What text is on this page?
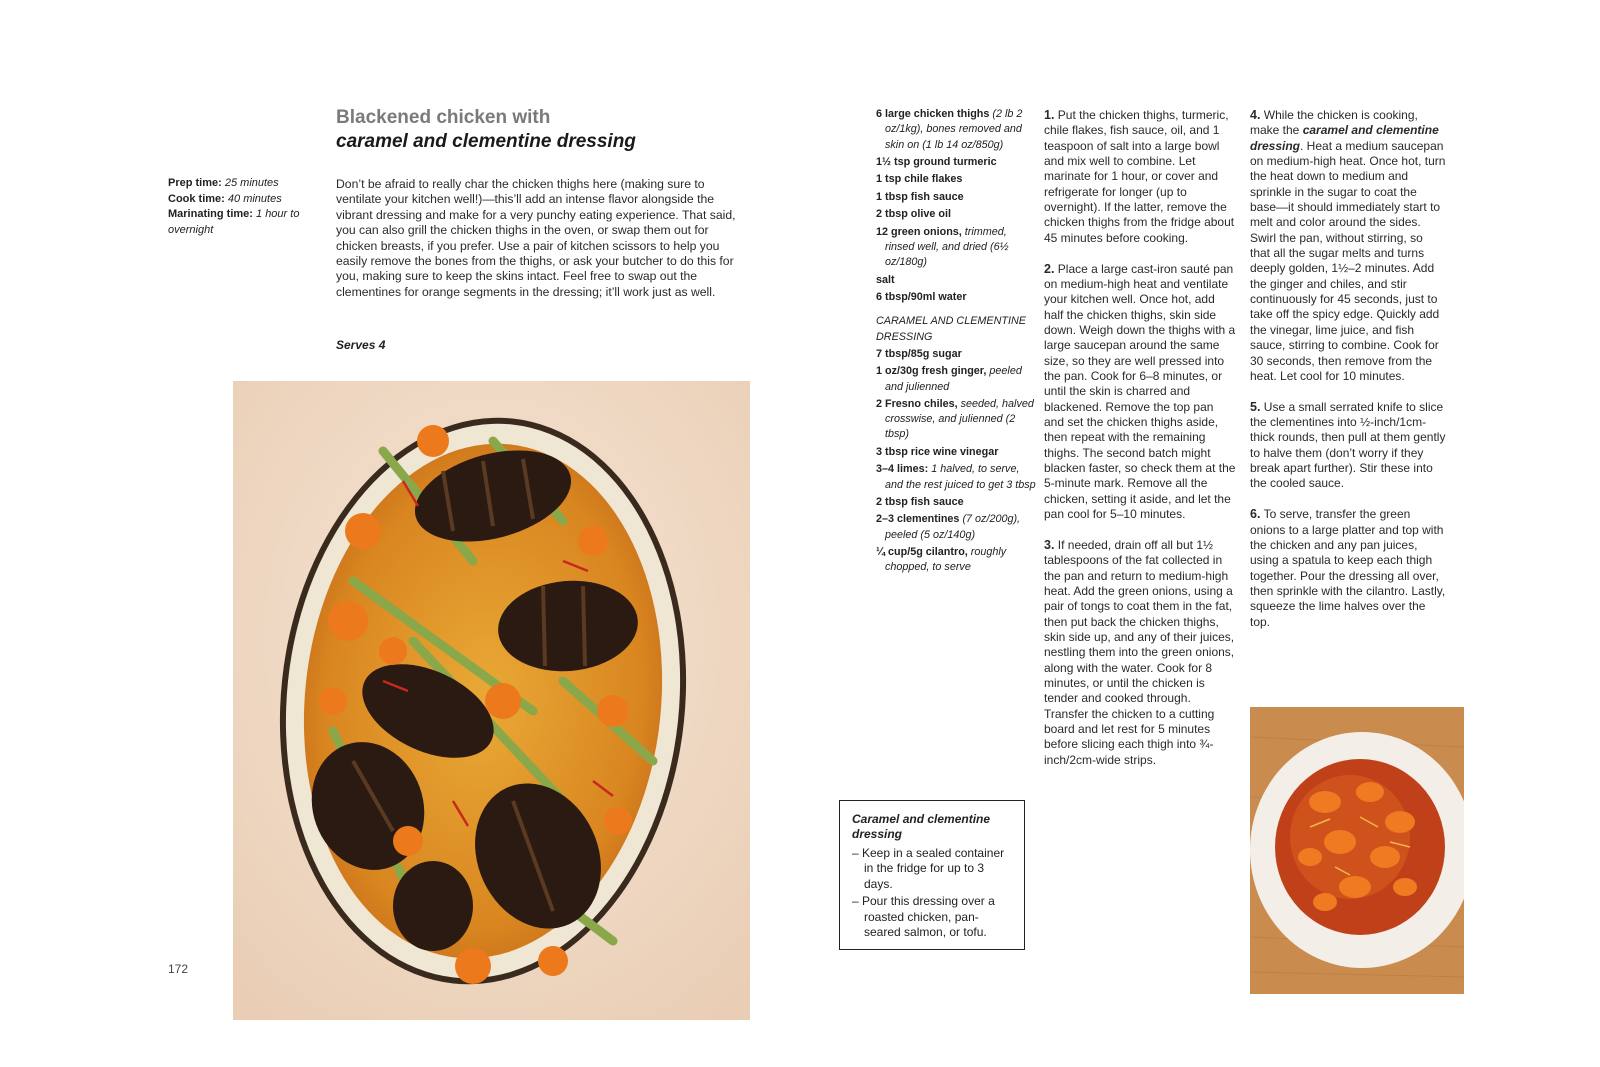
Blackened chicken with
caramel and clementine dressing
Prep time: 25 minutes
Cook time: 40 minutes
Marinating time: 1 hour to overnight
Don’t be afraid to really char the chicken thighs here (making sure to ventilate your kitchen well!)—this’ll add an intense flavor alongside the vibrant dressing and make for a very punchy eating experience. That said, you can also grill the chicken thighs in the oven, or swap them out for chicken breasts, if you prefer. Use a pair of kitchen scissors to help you easily remove the bones from the thighs, or ask your butcher to do this for you, making sure to keep the skins intact. Feel free to swap out the clementines for orange segments in the dressing; it’ll work just as well.
Serves 4
172
6 large chicken thighs (2 lb 2 oz/1kg), bones removed and skin on (1 lb 14 oz/850g)
1½ tsp ground turmeric
1 tsp chile flakes
1 tbsp fish sauce
2 tbsp olive oil
12 green onions, trimmed, rinsed well, and dried (6½ oz/180g)
salt
6 tbsp/90ml water
CARAMEL AND CLEMENTINE DRESSING
7 tbsp/85g sugar
1 oz/30g fresh ginger, peeled and julienned
2 Fresno chiles, seeded, halved crosswise, and julienned (2 tbsp)
3 tbsp rice wine vinegar
3–4 limes: 1 halved, to serve, and the rest juiced to get 3 tbsp
2 tbsp fish sauce
2–3 clementines (7 oz/200g), peeled (5 oz/140g)
¼ cup/5g cilantro, roughly chopped, to serve

1. Put the chicken thighs, turmeric, chile flakes, fish sauce, oil, and 1 teaspoon of salt into a large bowl and mix well to combine. Let marinate for 1 hour, or cover and refrigerate for longer (up to overnight). If the latter, remove the chicken thighs from the fridge about 45 minutes before cooking.

2. Place a large cast-iron sauté pan on medium-high heat and ventilate your kitchen well. Once hot, add half the chicken thighs, skin side down. Weigh down the thighs with a large saucepan around the same size, so they are well pressed into the pan. Cook for 6–8 minutes, or until the skin is charred and blackened. Remove the top pan and set the chicken thighs aside, then repeat with the remaining thighs. The second batch might blacken faster, so check them at the 5-minute mark. Remove all the chicken, setting it aside, and let the pan cool for 5–10 minutes.

3. If needed, drain off all but 1½ tablespoons of the fat collected in the pan and return to medium-high heat. Add the green onions, using a pair of tongs to coat them in the fat, then put back the chicken thighs, skin side up, and any of their juices, nestling them into the green onions, along with the water. Cook for 8 minutes, or until the chicken is tender and cooked through. Transfer the chicken to a cutting board and let rest for 5 minutes before slicing each thigh into ¾-inch/2cm-wide strips.

4. While the chicken is cooking, make the caramel and clementine dressing. Heat a medium saucepan on medium-high heat. Once hot, turn the heat down to medium and sprinkle in the sugar to coat the base—it should immediately start to melt and color around the sides. Swirl the pan, without stirring, so that all the sugar melts and turns deeply golden, 1½–2 minutes. Add the ginger and chiles, and stir continuously for 45 seconds, just to take off the spicy edge. Quickly add the vinegar, lime juice, and fish sauce, stirring to combine. Cook for 30 seconds, then remove from the heat. Let cool for 10 minutes.

5. Use a small serrated knife to slice the clementines into ½-inch/1cm-thick rounds, then pull at them gently to halve them (don’t worry if they break apart further). Stir these into the cooled sauce.

6. To serve, transfer the green onions to a large platter and top with the chicken and any pan juices, using a spatula to keep each thigh together. Pour the dressing all over, then sprinkle with the cilantro. Lastly, squeeze the lime halves over the top.

Caramel and clementine dressing
– Keep in a sealed container in the fridge for up to 3 days.
– Pour this dressing over a roasted chicken, pan-seared salmon, or tofu.
